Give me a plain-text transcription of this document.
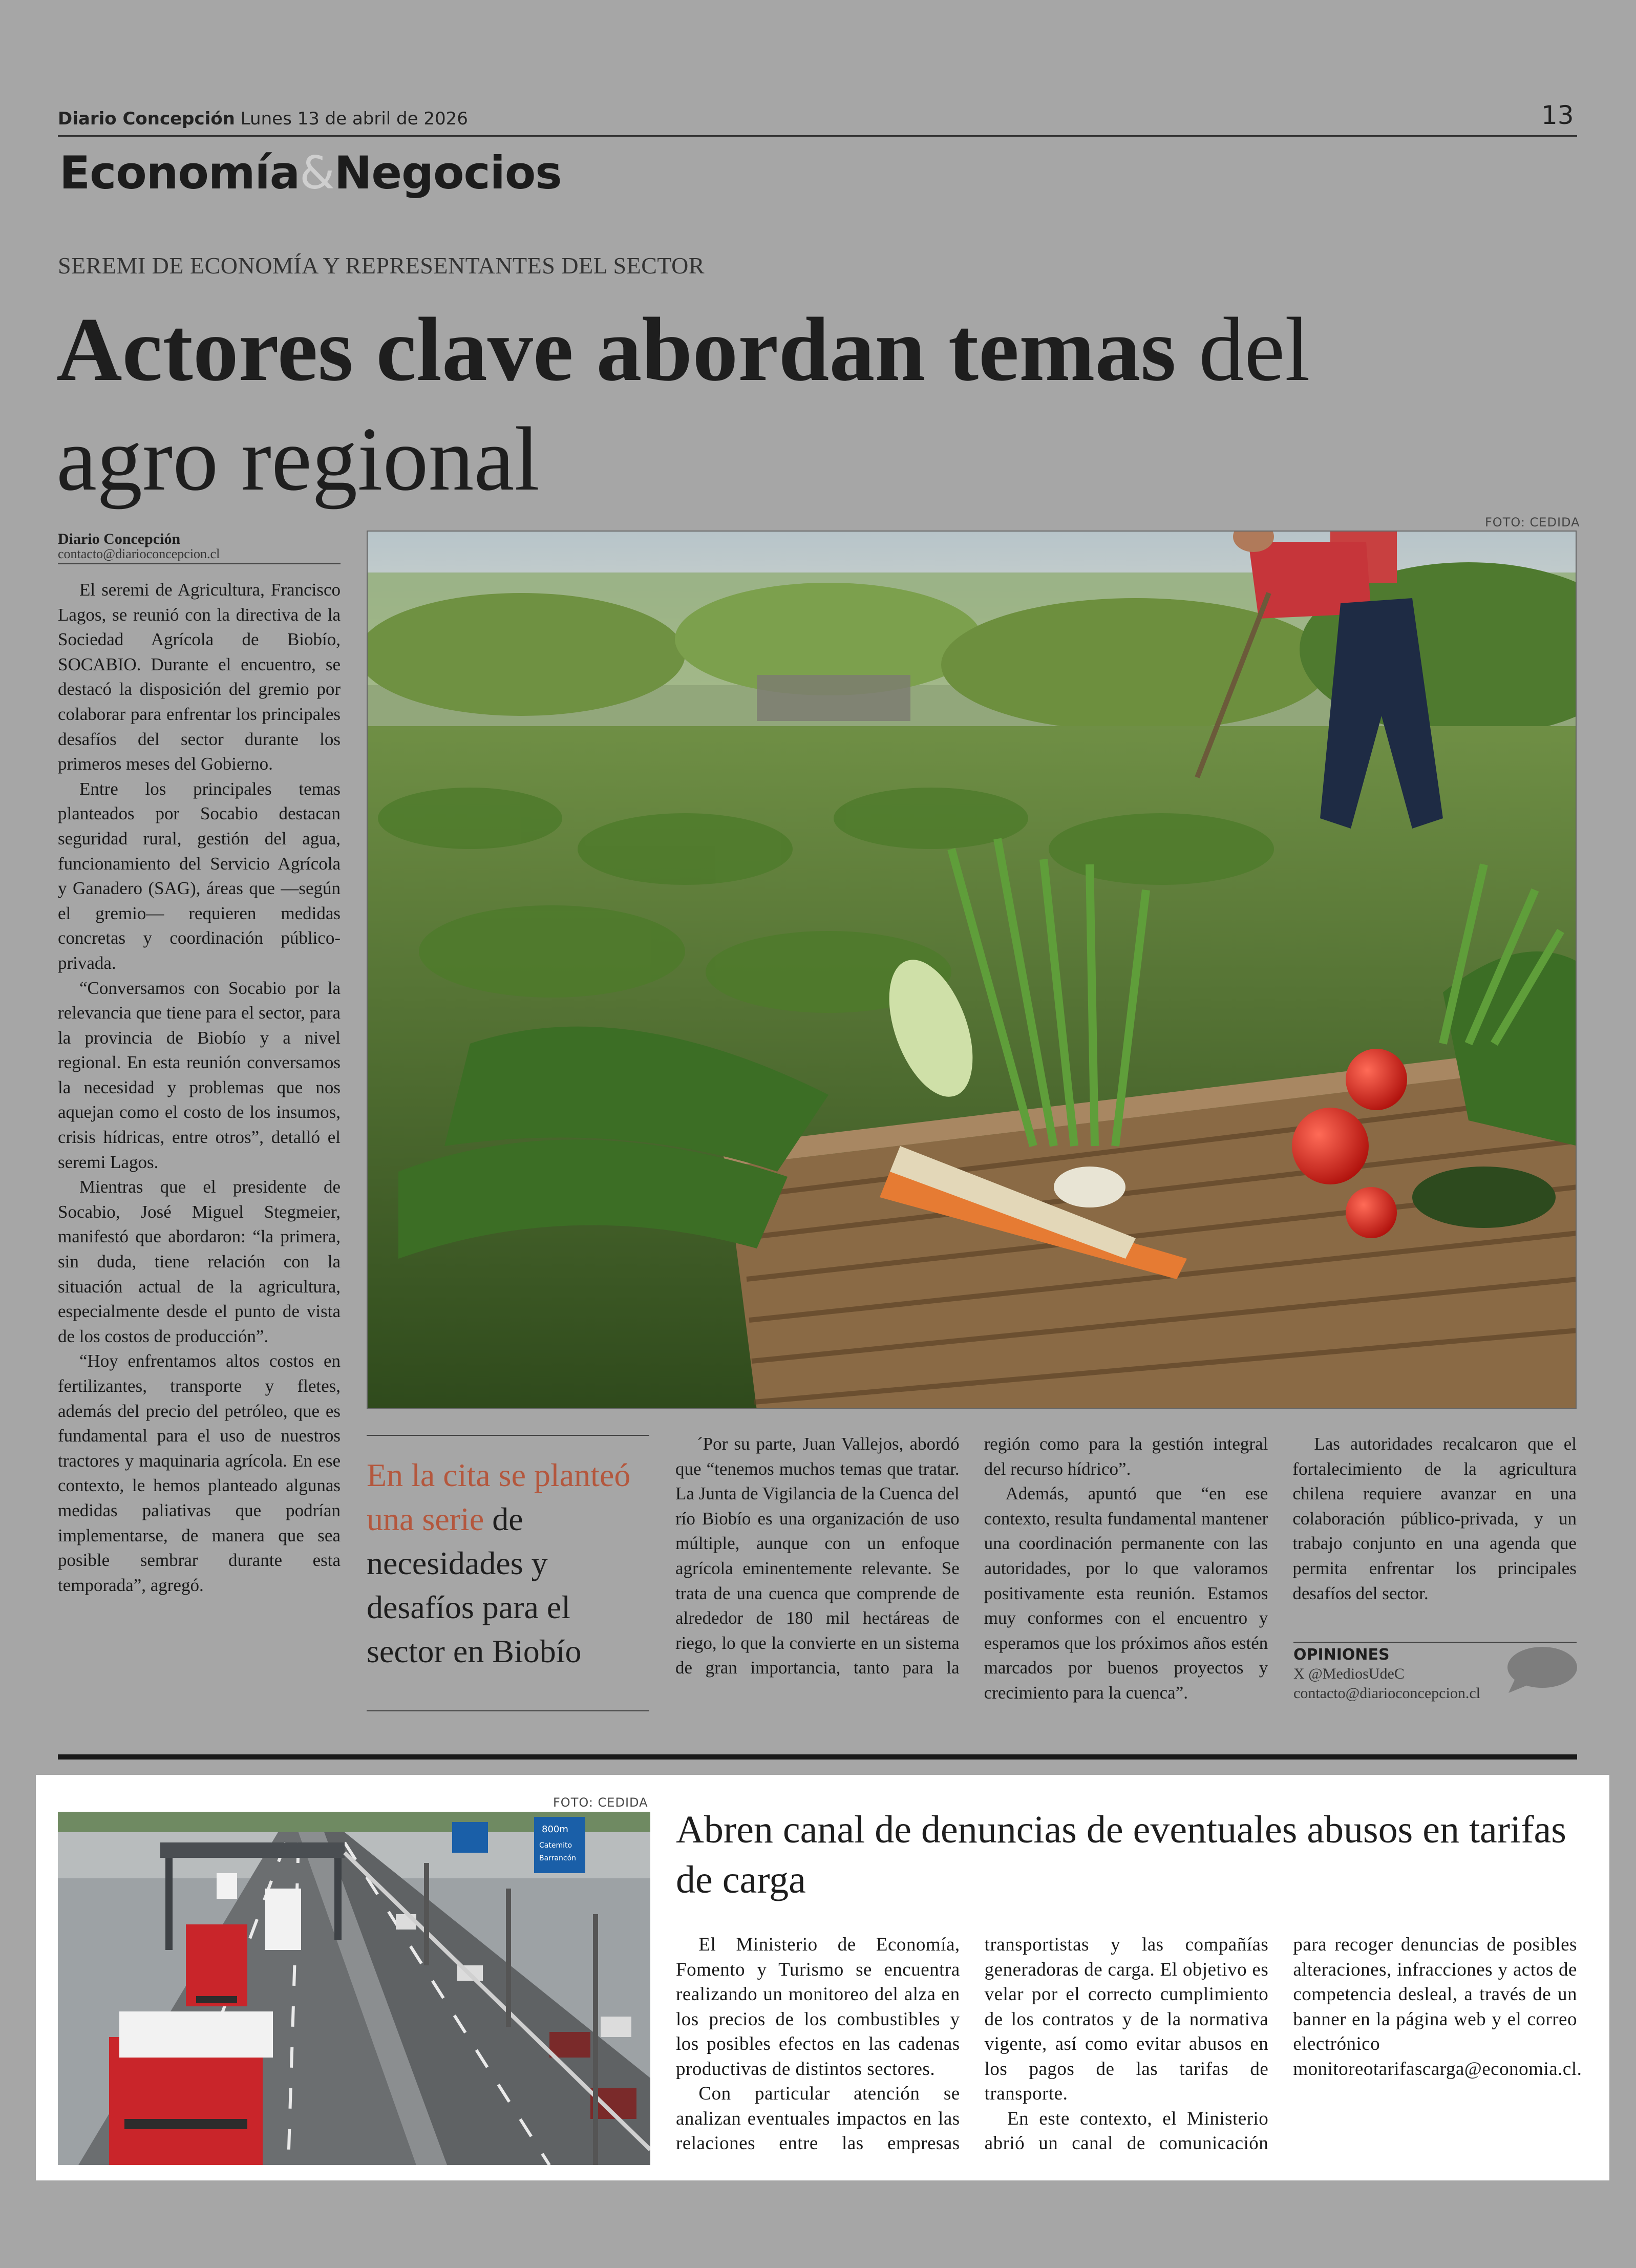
Diario Concepción Lunes 13 de abril de 2026	13
Economía&Negocios
SEREMI DE ECONOMÍA Y REPRESENTANTES DEL SECTOR
Actores clave abordan temas del
agro regional
Diario Concepción
contacto@diarioconcepcion.cl

El seremi de Agricultura, Francisco Lagos, se reunió con la directiva de la Sociedad Agrícola de Biobío, SOCABIO. Durante el encuentro, se destacó la disposición del gremio por colaborar para enfrentar los principales desafíos del sector durante los primeros meses del Gobierno.

Entre los principales temas planteados por Socabio destacan seguridad rural, gestión del agua, funcionamiento del Servicio Agrícola y Ganadero (SAG), áreas que —según el gremio— requieren medidas concretas y coordinación público-privada.

“Conversamos con Socabio por la relevancia que tiene para el sector, para la provincia de Biobío y a nivel regional. En esta reunión conversamos la necesidad y problemas que nos aquejan como el costo de los insumos, crisis hídricas, entre otros”, detalló el seremi Lagos.

Mientras que el presidente de Socabio, José Miguel Stegmeier, manifestó que abordaron: “la primera, sin duda, tiene relación con la situación actual de la agricultura, especialmente desde el punto de vista de los costos de producción”.

“Hoy enfrentamos altos costos en fertilizantes, transporte y fletes, además del precio del petróleo, que es fundamental para el uso de nuestros tractores y maquinaria agrícola. En ese contexto, le hemos planteado algunas medidas paliativas que podrían implementarse, de manera que sea posible sembrar durante esta temporada”, agregó.

FOTO: CEDIDA
En la cita se planteó una serie de necesidades y desafíos para el sector en Biobío

´Por su parte, Juan Vallejos, abordó que “tenemos muchos temas que tratar. La Junta de Vigilancia de la Cuenca del río Biobío es una organización de uso múltiple, aunque con un enfoque agrícola eminentemente relevante. Se trata de una cuenca que comprende de alrededor de 180 mil hectáreas de riego, lo que la convierte en un sistema de gran importancia, tanto para la región como para la gestión integral del recurso hídrico”.

Además, apuntó que “en ese contexto, resulta fundamental mantener una coordinación permanente con las autoridades, por lo que valoramos positivamente esta reunión. Estamos muy conformes con el encuentro y esperamos que los próximos años estén marcados por buenos proyectos y crecimiento para la cuenca”.

Las autoridades recalcaron que el fortalecimiento de la agricultura chilena requiere avanzar en una colaboración público-privada, y un trabajo conjunto en una agenda que permita enfrentar los principales desafíos del sector.

OPINIONES
X @MediosUdeC
contacto@diarioconcepcion.cl
FOTO: CEDIDA
800m
Catemito
Barrancón
Abren canal de denuncias de eventuales abusos en tarifas de carga

El Ministerio de Economía, Fomento y Turismo se encuentra realizando un monitoreo del alza en los precios de los combustibles y los posibles efectos en las cadenas productivas de distintos sectores.

Con particular atención se analizan eventuales impactos en las relaciones entre las empresas transportistas y las compañías generadoras de carga. El objetivo es velar por el correcto cumplimiento de los contratos y de la normativa vigente, así como evitar abusos en los pagos de las tarifas de transporte.

En este contexto, el Ministerio abrió un canal de comunicación para recoger denuncias de posibles alteraciones, infracciones y actos de competencia desleal, a través de un banner en la página web y el correo electrónico monitoreotarifascarga@economia.cl.
